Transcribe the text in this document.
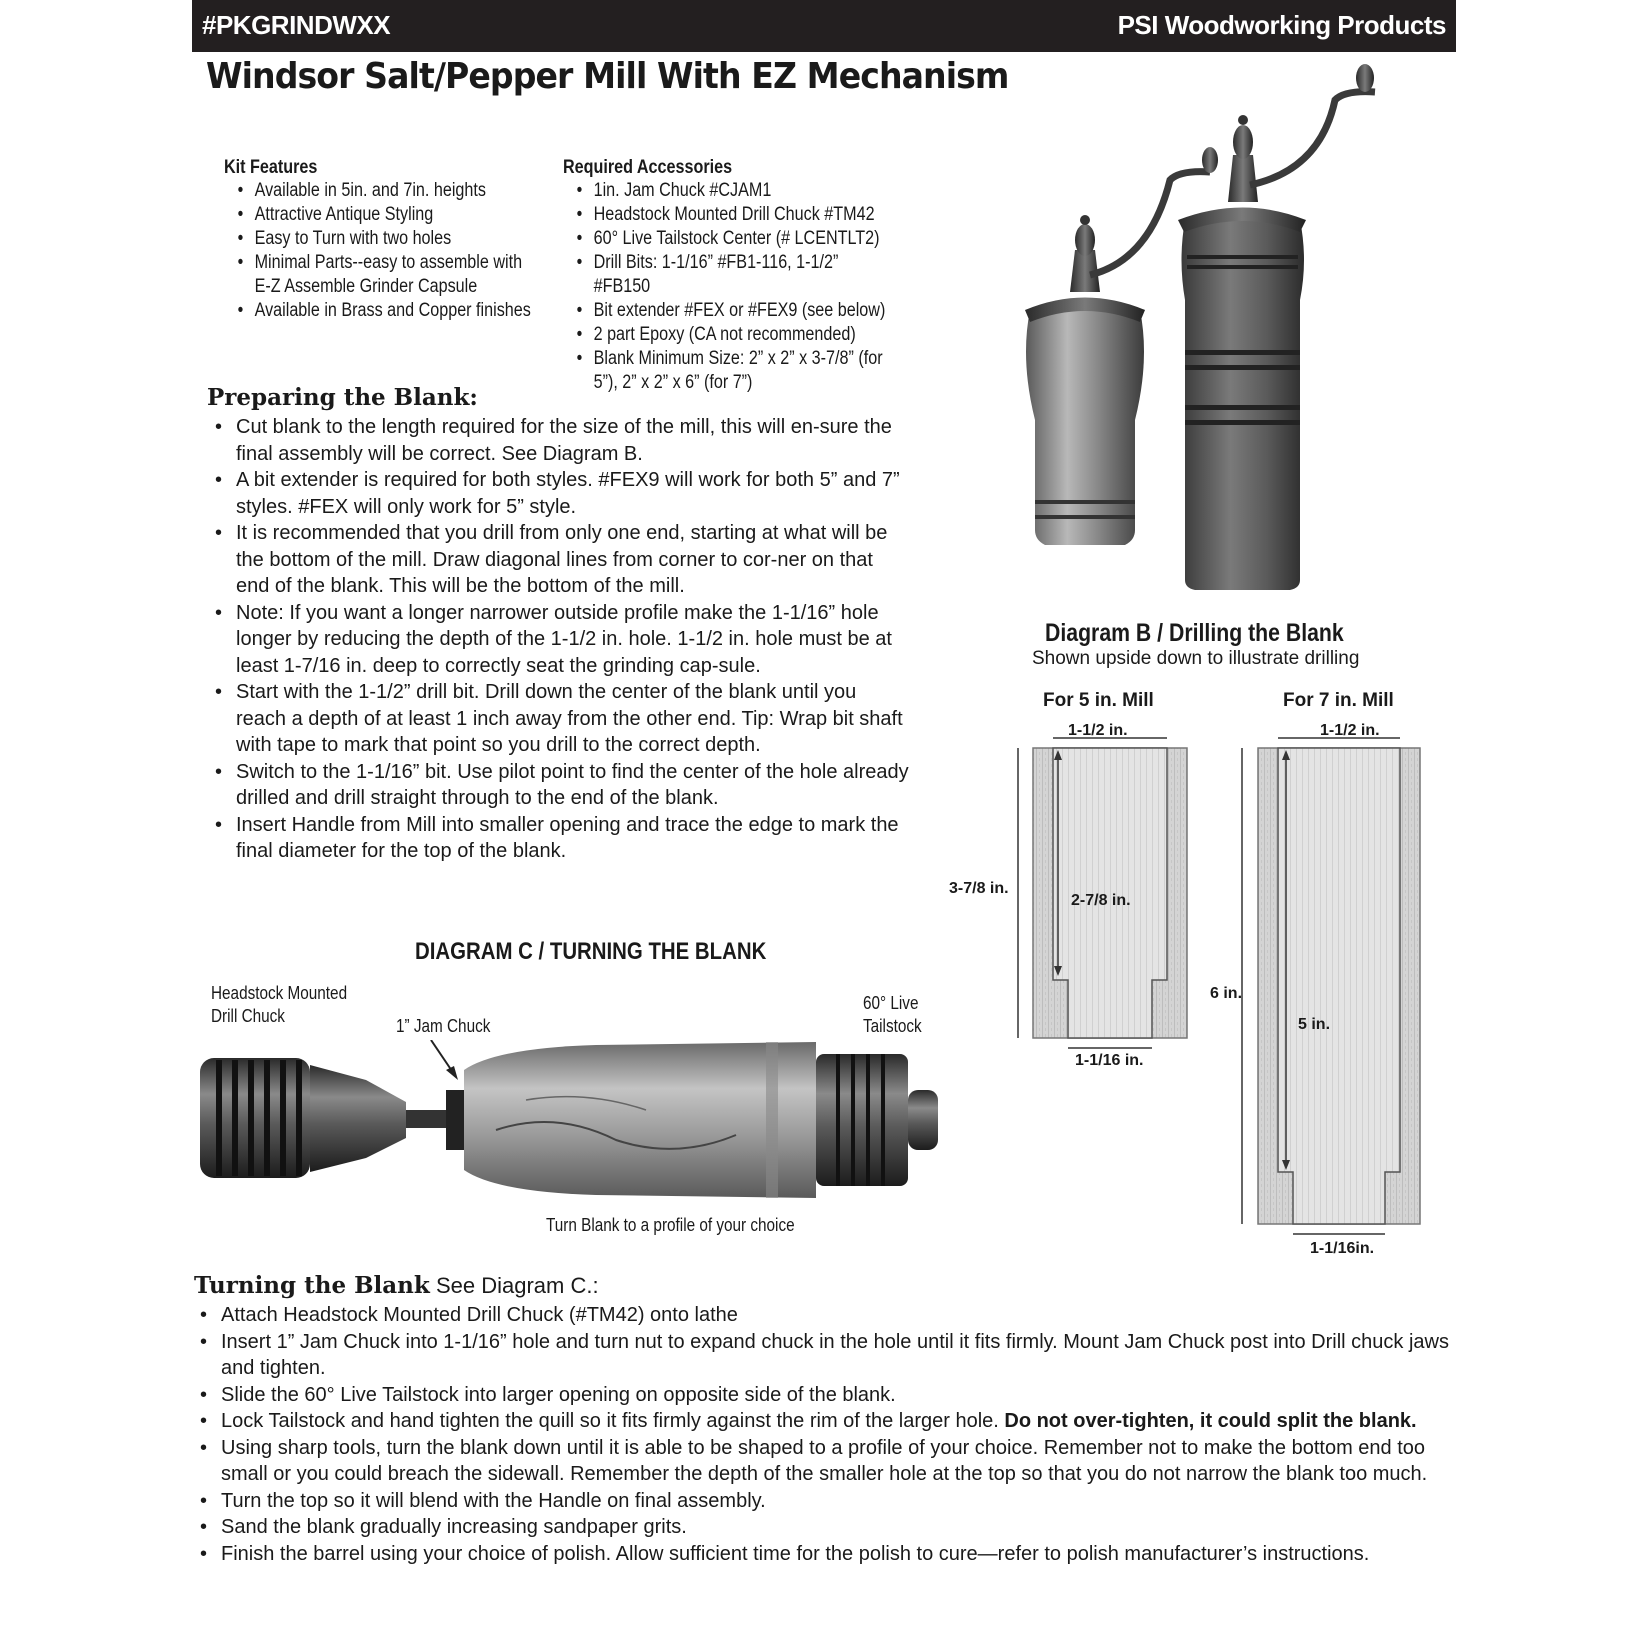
#PKGRINDWXX	PSI Woodworking Products
Windsor Salt/Pepper Mill With EZ Mechanism
Kit Features
• Available in 5in. and 7in. heights
• Attractive Antique Styling
• Easy to Turn with two holes
• Minimal Parts--easy to assemble with E-Z Assemble Grinder Capsule
• Available in Brass and Copper finishes
Required Accessories
• 1in. Jam Chuck #CJAM1
• Headstock Mounted Drill Chuck #TM42
• 60° Live Tailstock Center (# LCENTLT2)
• Drill Bits: 1-1/16” #FB1-116, 1-1/2” #FB150
• Bit extender #FEX or #FEX9 (see below)
• 2 part Epoxy (CA not recommended)
• Blank Minimum Size: 2” x 2” x 3-7/8” (for 5”), 2” x 2” x 6” (for 7”)
Preparing the Blank:
• Cut blank to the length required for the size of the mill, this will en-sure the final assembly will be correct. See Diagram B.
• A bit extender is required for both styles. #FEX9 will work for both 5” and 7” styles. #FEX will only work for 5” style.
• It is recommended that you drill from only one end, starting at what will be the bottom of the mill. Draw diagonal lines from corner to cor-ner on that end of the blank. This will be the bottom of the mill.
• Note: If you want a longer narrower outside profile make the 1-1/16” hole longer by reducing the depth of the 1-1/2 in. hole. 1-1/2 in. hole must be at least 1-7/16 in. deep to correctly seat the grinding cap-sule.
• Start with the 1-1/2” drill bit. Drill down the center of the blank until you reach a depth of at least 1 inch away from the other end. Tip: Wrap bit shaft with tape to mark that point so you drill to the correct depth.
• Switch to the 1-1/16” bit. Use pilot point to find the center of the hole already drilled and drill straight through to the end of the blank.
• Insert Handle from Mill into smaller opening and trace the edge to mark the final diameter for the top of the blank.
Diagram B / Drilling the Blank
Shown upside down to illustrate drilling
For 5 in. Mill	For 7 in. Mill
1-1/2 in.
3-7/8 in.
2-7/8 in.
1-1/16 in.
1-1/2 in.
6 in.
5 in.
1-1/16in.
DIAGRAM C / TURNING THE BLANK
Headstock Mounted Drill Chuck	1” Jam Chuck
60° Live Tailstock
Turn Blank to a profile of your choice
Turning the Blank See Diagram C.:
• Attach Headstock Mounted Drill Chuck (#TM42) onto lathe
• Insert 1” Jam Chuck into 1-1/16” hole and turn nut to expand chuck in the hole until it fits firmly. Mount Jam Chuck post into Drill chuck jaws and tighten.
• Slide the 60° Live Tailstock into larger opening on opposite side of the blank.
• Lock Tailstock and hand tighten the quill so it fits firmly against the rim of the larger hole. Do not over-tighten, it could split the blank.
• Using sharp tools, turn the blank down until it is able to be shaped to a profile of your choice. Remember not to make the bottom end too small or you could breach the sidewall. Remember the depth of the smaller hole at the top so that you do not narrow the blank too much.
• Turn the top so it will blend with the Handle on final assembly.
• Sand the blank gradually increasing sandpaper grits.
• Finish the barrel using your choice of polish. Allow sufficient time for the polish to cure—refer to polish manufacturer’s instructions.
